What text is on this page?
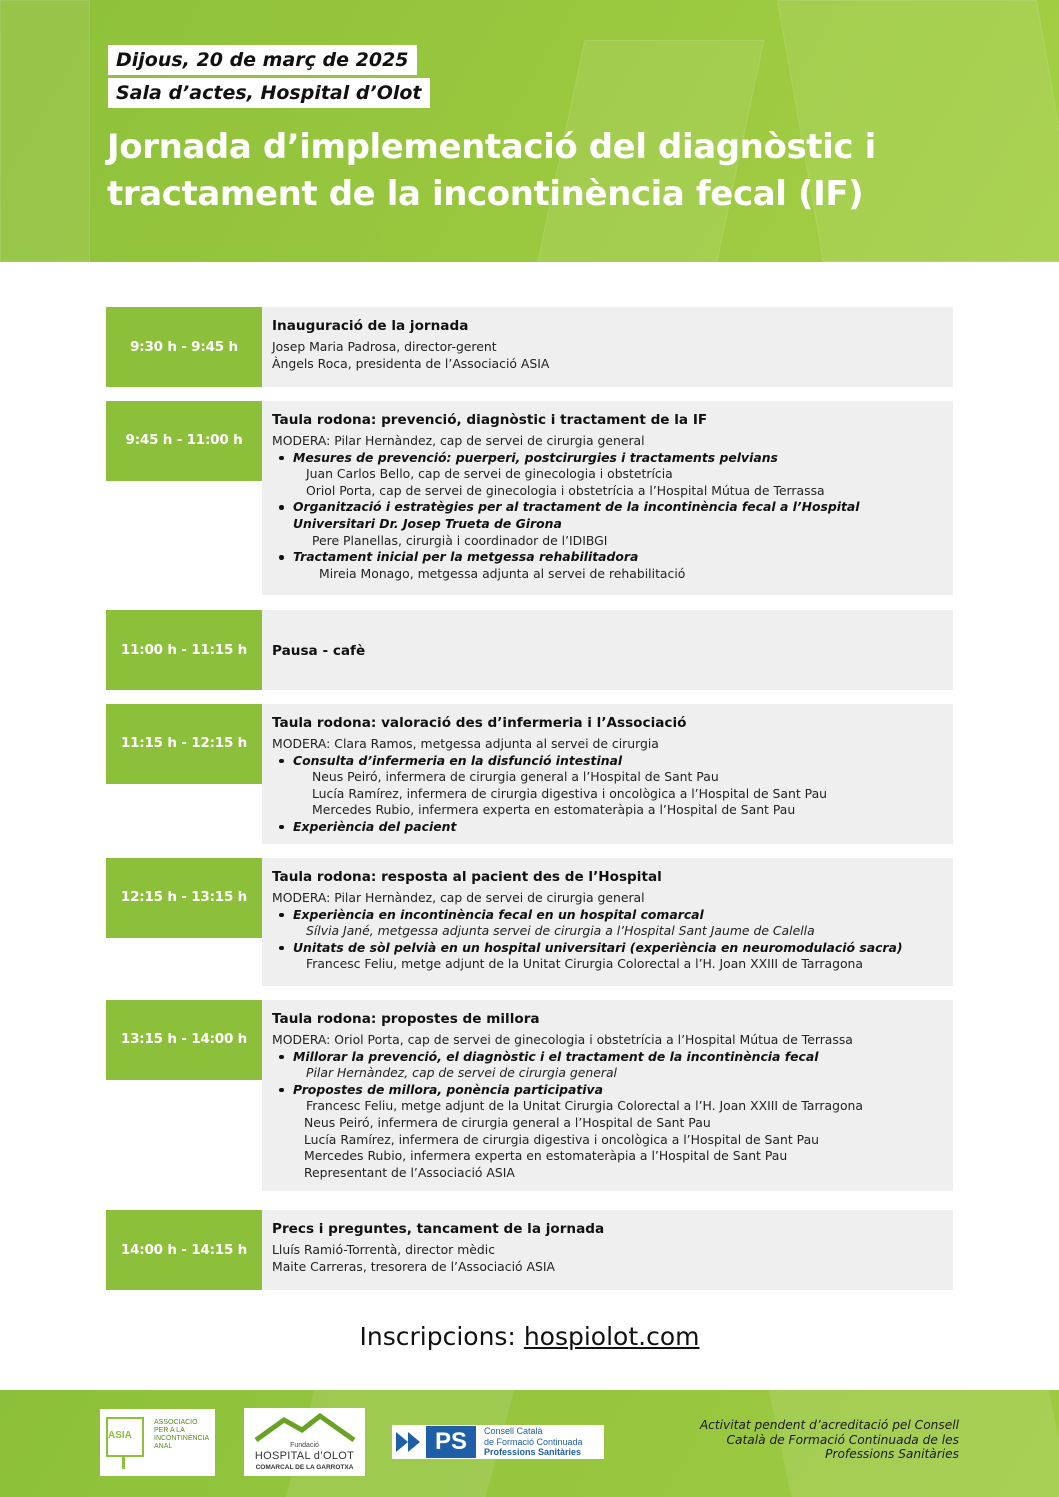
Dijous, 20 de març de 2025
Sala d’actes, Hospital d’Olot
Jornada d’implementació del diagnòstic i
tractament de la incontinència fecal (IF)
9:30 h - 9:45 h
Inauguració de la jornada
Josep Maria Padrosa, director-gerent
Àngels Roca, presidenta de l’Associació ASIA
9:45 h - 11:00 h
Taula rodona: prevenció, diagnòstic i tractament de la IF
MODERA: Pilar Hernàndez, cap de servei de cirurgia general
Mesures de prevenció: puerperi, postcirurgies i tractaments pelvians
Juan Carlos Bello, cap de servei de ginecologia i obstetrícia
Oriol Porta, cap de servei de ginecologia i obstetrícia a l’Hospital Mútua de Terrassa
Organització i estratègies per al tractament de la incontinència fecal a l’Hospital
Universitari Dr. Josep Trueta de Girona
Pere Planellas, cirurgià i coordinador de l’IDIBGI
Tractament inicial per la metgessa rehabilitadora
Mireia Monago, metgessa adjunta al servei de rehabilitació
11:00 h - 11:15 h	Pausa - cafè
11:15 h - 12:15 h
Taula rodona: valoració des d’infermeria i l’Associació
MODERA: Clara Ramos, metgessa adjunta al servei de cirurgia
Consulta d’infermeria en la disfunció intestinal
Neus Peiró, infermera de cirurgia general a l’Hospital de Sant Pau
Lucía Ramírez, infermera de cirurgia digestiva i oncològica a l’Hospital de Sant Pau
Mercedes Rubio, infermera experta en estomateràpia a l’Hospital de Sant Pau
Experiència del pacient
12:15 h - 13:15 h
Taula rodona: resposta al pacient des de l’Hospital
MODERA: Pilar Hernàndez, cap de servei de cirurgia general
Experiència en incontinència fecal en un hospital comarcal
Sílvia Jané, metgessa adjunta servei de cirurgia a l’Hospital Sant Jaume de Calella
Unitats de sòl pelvià en un hospital universitari (experiència en neuromodulació sacra)
Francesc Feliu, metge adjunt de la Unitat Cirurgia Colorectal a l’H. Joan XXIII de Tarragona
13:15 h - 14:00 h
Taula rodona: propostes de millora
MODERA: Oriol Porta, cap de servei de ginecologia i obstetrícia a l’Hospital Mútua de Terrassa
Millorar la prevenció, el diagnòstic i el tractament de la incontinència fecal
Pilar Hernàndez, cap de servei de cirurgia general
Propostes de millora, ponència participativa
Francesc Feliu, metge adjunt de la Unitat Cirurgia Colorectal a l’H. Joan XXIII de Tarragona
Neus Peiró, infermera de cirurgia general a l’Hospital de Sant Pau
Lucía Ramírez, infermera de cirurgia digestiva i oncològica a l’Hospital de Sant Pau
Mercedes Rubio, infermera experta en estomateràpia a l’Hospital de Sant Pau
Representant de l’Associació ASIA
14:00 h - 14:15 h
Precs i preguntes, tancament de la jornada
Lluís Ramió-Torrentà, director mèdic
Maite Carreras, tresorera de l’Associació ASIA
Inscripcions: hospiolot.com
ASIA
ASSOCIACIÓ
PER A LA
INCONTINÈNCIA
ANAL	Fundació
HOSPITAL d’OLOT
COMARCAL DE LA GARROTXA
PS	Consell Català
de Formació Continuada
Professions Sanitàries
Activitat pendent d’acreditació pel Consell
Català de Formació Continuada de les
Professions Sanitàries
